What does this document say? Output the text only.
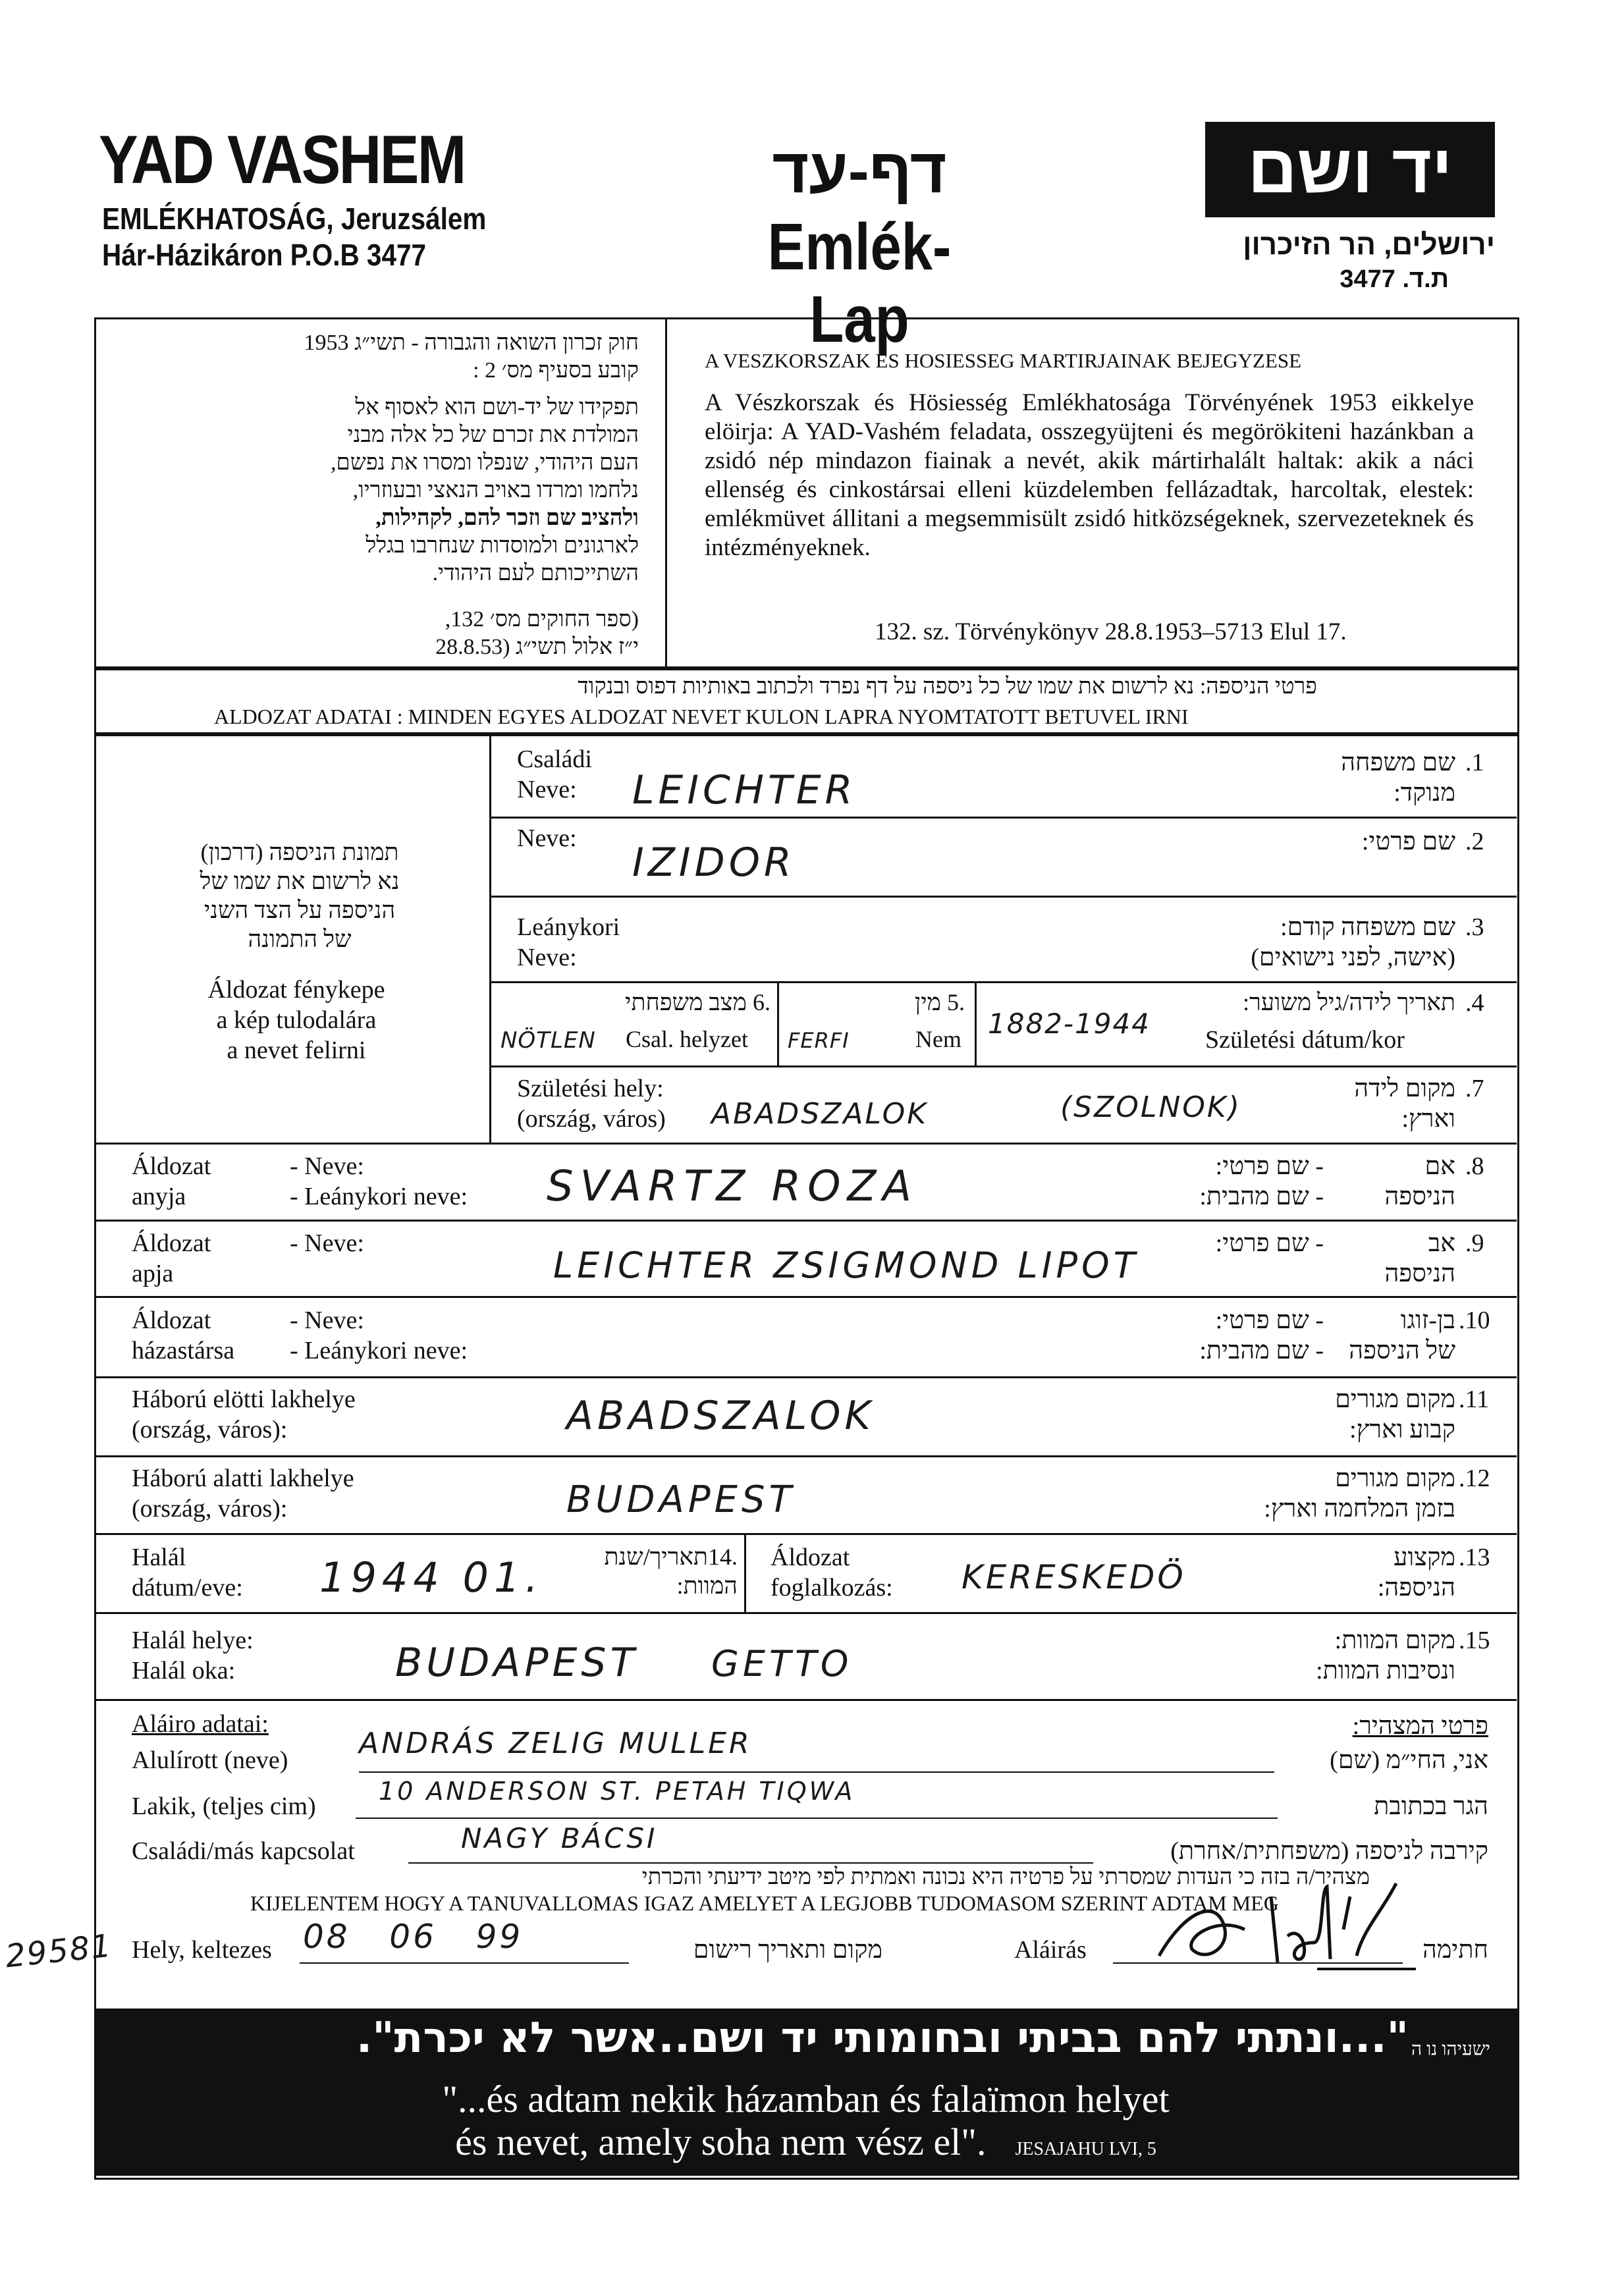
YAD VASHEM
EMLÉKHATOSÁG, Jeruzsálem
Hár-Házikáron P.O.B 3477
דף-עד
Emlék-Lap
יד ושם
ירושלים, הר הזיכרון
ת.ד. 3477
חוק זכרון השואה והגבורה - תשי״ג 1953
קובע בסעיף מס׳ 2 :
תפקידו של יד-ושם הוא לאסוף אל
המולדת את זכרם של כל אלה מבני
העם היהודי, שנפלו ומסרו את נפשם,
נלחמו ומרדו באויב הנאצי ובעוזריו,
ולהציב שם וזכר להם, לקהילות,
לארגונים ולמוסדות שנחרבו בגלל
השתייכותם לעם היהודי.
(ספר החוקים מס׳ 132,
י״ז אלול תשי״ג (28.8.53
A VESZKORSZAK ES HOSIESSEG MARTIRJAINAK BEJEGYZESE
A Vészkorszak és Hösiesség Emlékhatosága Törvényének 1953 eikkelye elöirja: A YAD-Vashém feladata, osszegyüjteni és megörökiteni hazánkban a zsidó nép mindazon fiainak a nevét, akik mártirhalált haltak: akik a náci ellenség és cinkostársai elleni küzdelemben fellázadtak, harcoltak, elestek: emlékmüvet állitani a megsemmisült zsidó hitközségeknek, szervezeteknek és intézményeknek.
132. sz. Törvénykönyv 28.8.1953–5713 Elul 17.
פרטי הניספה: נא לרשום את שמו של כל ניספה על דף נפרד ולכתוב באותיות דפוס ובנקוד
ALDOZAT ADATAI : MINDEN EGYES ALDOZAT NEVET KULON LAPRA NYOMTATOTT BETUVEL IRNI
תמונת הניספה (דרכון)
נא לרשום את שמו של
הניספה על הצד השני
של התמונה
Áldozat fénykepe
a kép tulodalára
a nevet felirni
Családi
Neve:	LEICHTER
שם משפחה
מנוקד:
.1
Neve:
IZIDOR	שם פרטי: .2
Leánykori
Neve:
שם משפחה קודם:
(אישה, לפני נישואים)
.3
.6 מצב משפחתי
NÖTLEN Csal. helyzet
.5 מין
FERFI	Nem
תאריך לידה/גיל משוער: .4
1882-1944 Születési dátum/kor
Születési hely:
(ország, város) ABADSZALOK	(SZOLNOK)
מקום לידה
וארץ:
.7
Áldozat
anyja
- Neve:
- Leánykori neve: SVARTZ ROZA	- שם פרטי:
- שם מהבית:
אם
הניספה
.8
Áldozat
apja
- Neve:
LEICHTER ZSIGMOND LIPOT
- שם פרטי:	אב
הניספה
.9
Áldozat
házastársa
- Neve:
- Leánykori neve:
- שם פרטי:
- שם מהבית:
בן-זוגו
של הניספה
.10
Háború elötti lakhelye
(ország, város):	ABADSZALOK	מקום מגורים
קבוע וארץ:
.11
Háború alatti lakhelye
(ország, város):	BUDAPEST	מקום מגורים
בזמן המלחמה וארץ:
.12
Halál
dátum/eve: 1944 01.	.14תאריך/שנת
המוות:
Áldozat
foglalkozás: KERESKEDÖ
מקצוע
הניספה:
.13
Halál helye:
Halál oka:	BUDAPEST GETTO
מקום המוות:
ונסיבות המוות:
.15
Aláiro adatai:	פרטי המצהיר:
Alulírott (neve) ANDRÁS ZELIG MULLER	אני, החי״מ (שם)
Lakik, (teljes cim)
10 ANDERSON ST. PETAH TIQWA
הגר בכתובת
Családi/más kapcsolat	NAGY BÁCSI	קירבה לניספה (משפחתית/אחרת)
מצהיר/ה בזה כי העדות שמסרתי על פרטיה היא נכונה ואמתית לפי מיטב ידיעתי והכרתי
KIJELENTEM HOGY A TANUVALLOMAS IGAZ AMELYET A LEGJOBB TUDOMASOM SZERINT ADTAM MEG
Hely, keltezes 08   06   99	מקום ותאריך רישום	Aláirás	חתימה
29581
ישעיהו נו ה "...ונתתי להם בביתי ובחומותי יד ושם..אשר לא יכרת".
"...és adtam nekik házamban és falaïmon helyet
és nevet, amely soha nem vész el". JESAJAHU LVI, 5
